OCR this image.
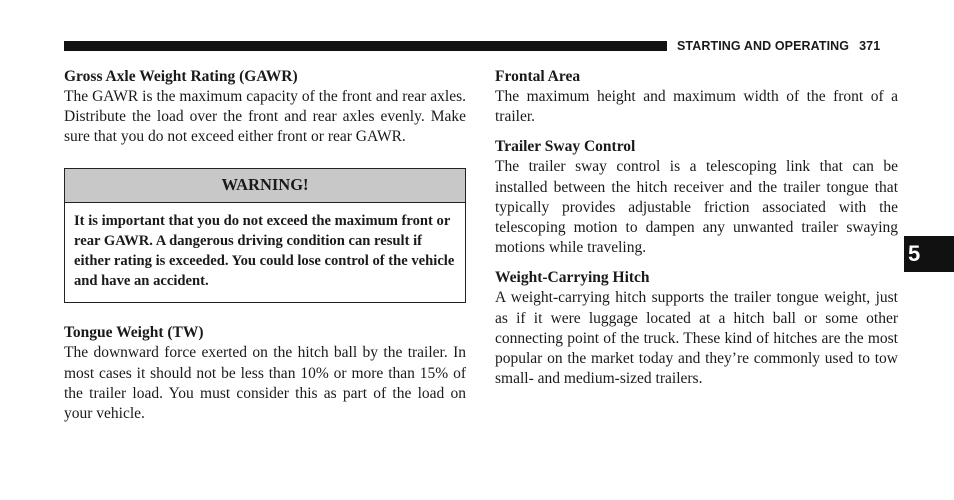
STARTING AND OPERATING 371
Gross Axle Weight Rating (GAWR)

The GAWR is the maximum capacity of the front and rear axles. Distribute the load over the front and rear axles evenly. Make sure that you do not exceed either front or rear GAWR.

WARNING!
It is important that you do not exceed the maximum front or rear GAWR. A dangerous driving condition can result if either rating is exceeded. You could lose control of the vehicle and have an accident.
Tongue Weight (TW)

The downward force exerted on the hitch ball by the trailer. In most cases it should not be less than 10% or more than 15% of the trailer load. You must consider this as part of the load on your vehicle.

Frontal Area

The maximum height and maximum width of the front of a trailer.

Trailer Sway Control

The trailer sway control is a telescoping link that can be installed between the hitch receiver and the trailer tongue that typically provides adjustable friction associated with the telescoping motion to dampen any unwanted trailer swaying motions while traveling.

Weight-Carrying Hitch

A weight-carrying hitch supports the trailer tongue weight, just as if it were luggage located at a hitch ball or some other connecting point of the truck. These kind of hitches are the most popular on the market today and they’re commonly used to tow small- and medium-sized trailers.

5
